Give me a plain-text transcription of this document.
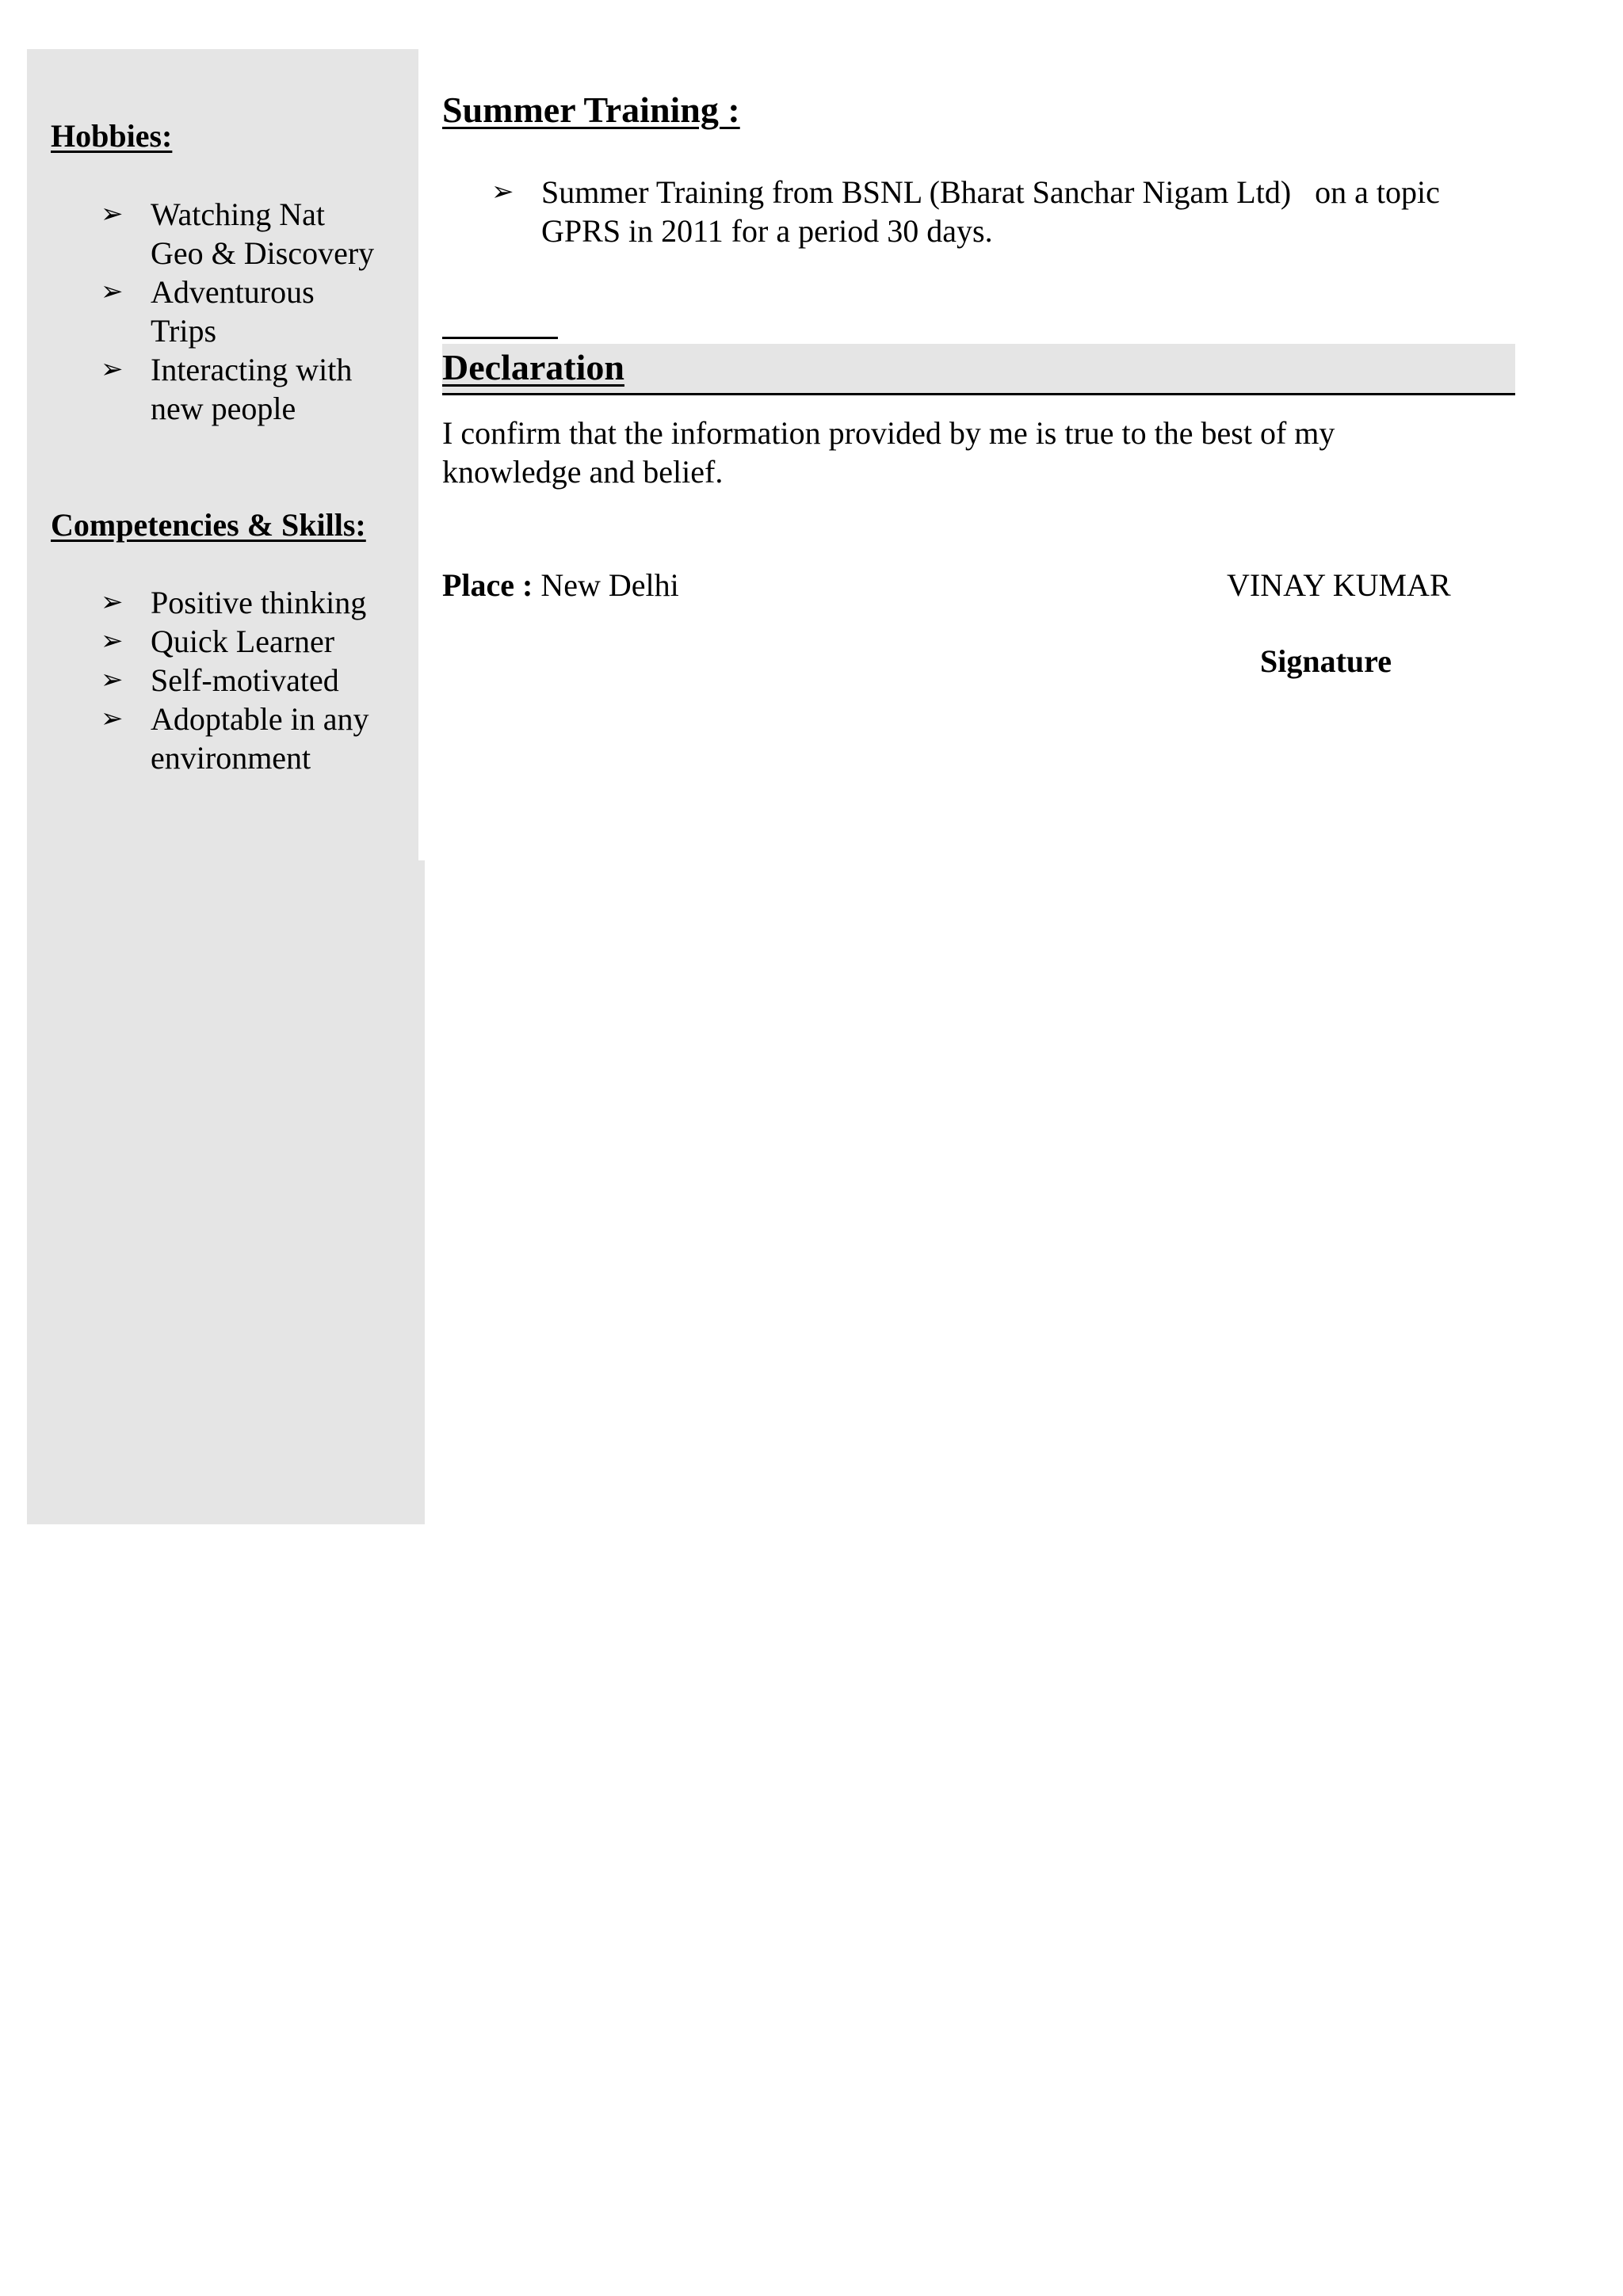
Hobbies:
➢ Watching Nat
Geo & Discovery
➢ Adventurous
Trips
➢ Interacting with
new people
Competencies & Skills:
➢ Positive thinking
➢ Quick Learner
➢ Self-motivated
➢ Adoptable in any
environment
Summer Training :
➢ Summer Training from BSNL (Bharat Sanchar Nigam Ltd)   on a topic
GPRS in 2011 for a period 30 days.
Declaration

I confirm that the information provided by me is true to the best of my
knowledge and belief.

Place : New Delhi	VINAY KUMAR

Signature
